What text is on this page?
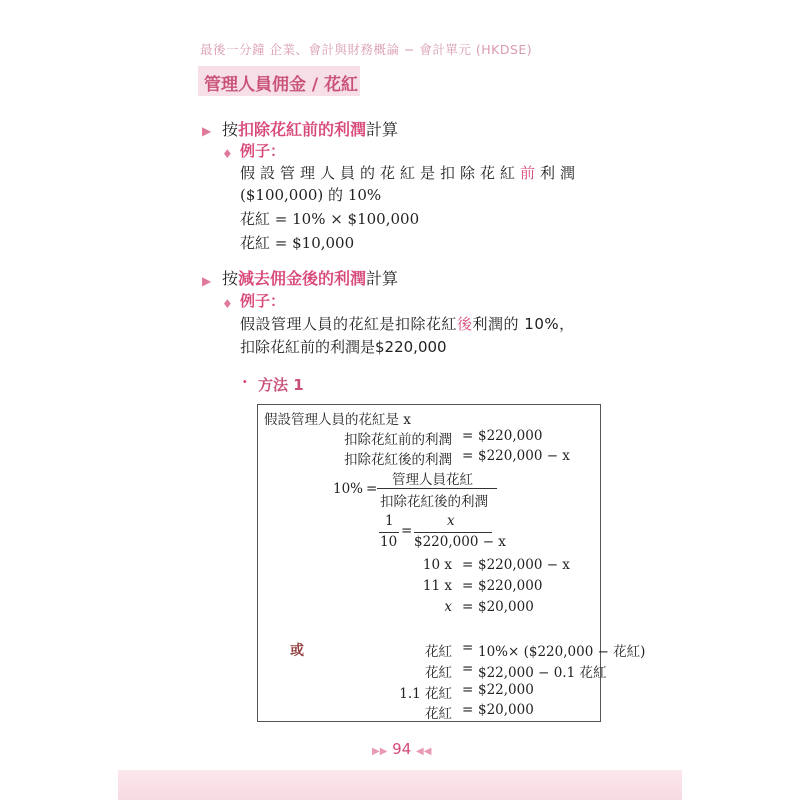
最後一分鐘 企業、會計與財務概論 − 會計單元 (HKDSE)
管理人員佣金 / 花紅
▶ 按扣除花紅前的利潤計算
♦ 例子：
假設管理人員的花紅是扣除花紅前利潤
($100,000) 的 10%
花紅 = 10% × $100,000
花紅 = $10,000
▶ 按減去佣金後的利潤計算
♦ 例子：
假設管理人員的花紅是扣除花紅後利潤的 10%，
扣除花紅前的利潤是$220,000
· 方法 1
假設管理人員的花紅是 x
扣除花紅前的利潤 = $220,000
扣除花紅後的利潤 = $220,000 − x
10% =
管理人員花紅
扣除花紅後的利潤
1
10
=
x
$220,000 − x
10 x = $220,000 − x
11 x = $220,000
x = $20,000
或	花紅 = 10%× ($220,000 − 花紅)
花紅 = $22,000 − 0.1 花紅
1.1 花紅 = $22,000
花紅 = $20,000
▶▶ 94 ◀◀
